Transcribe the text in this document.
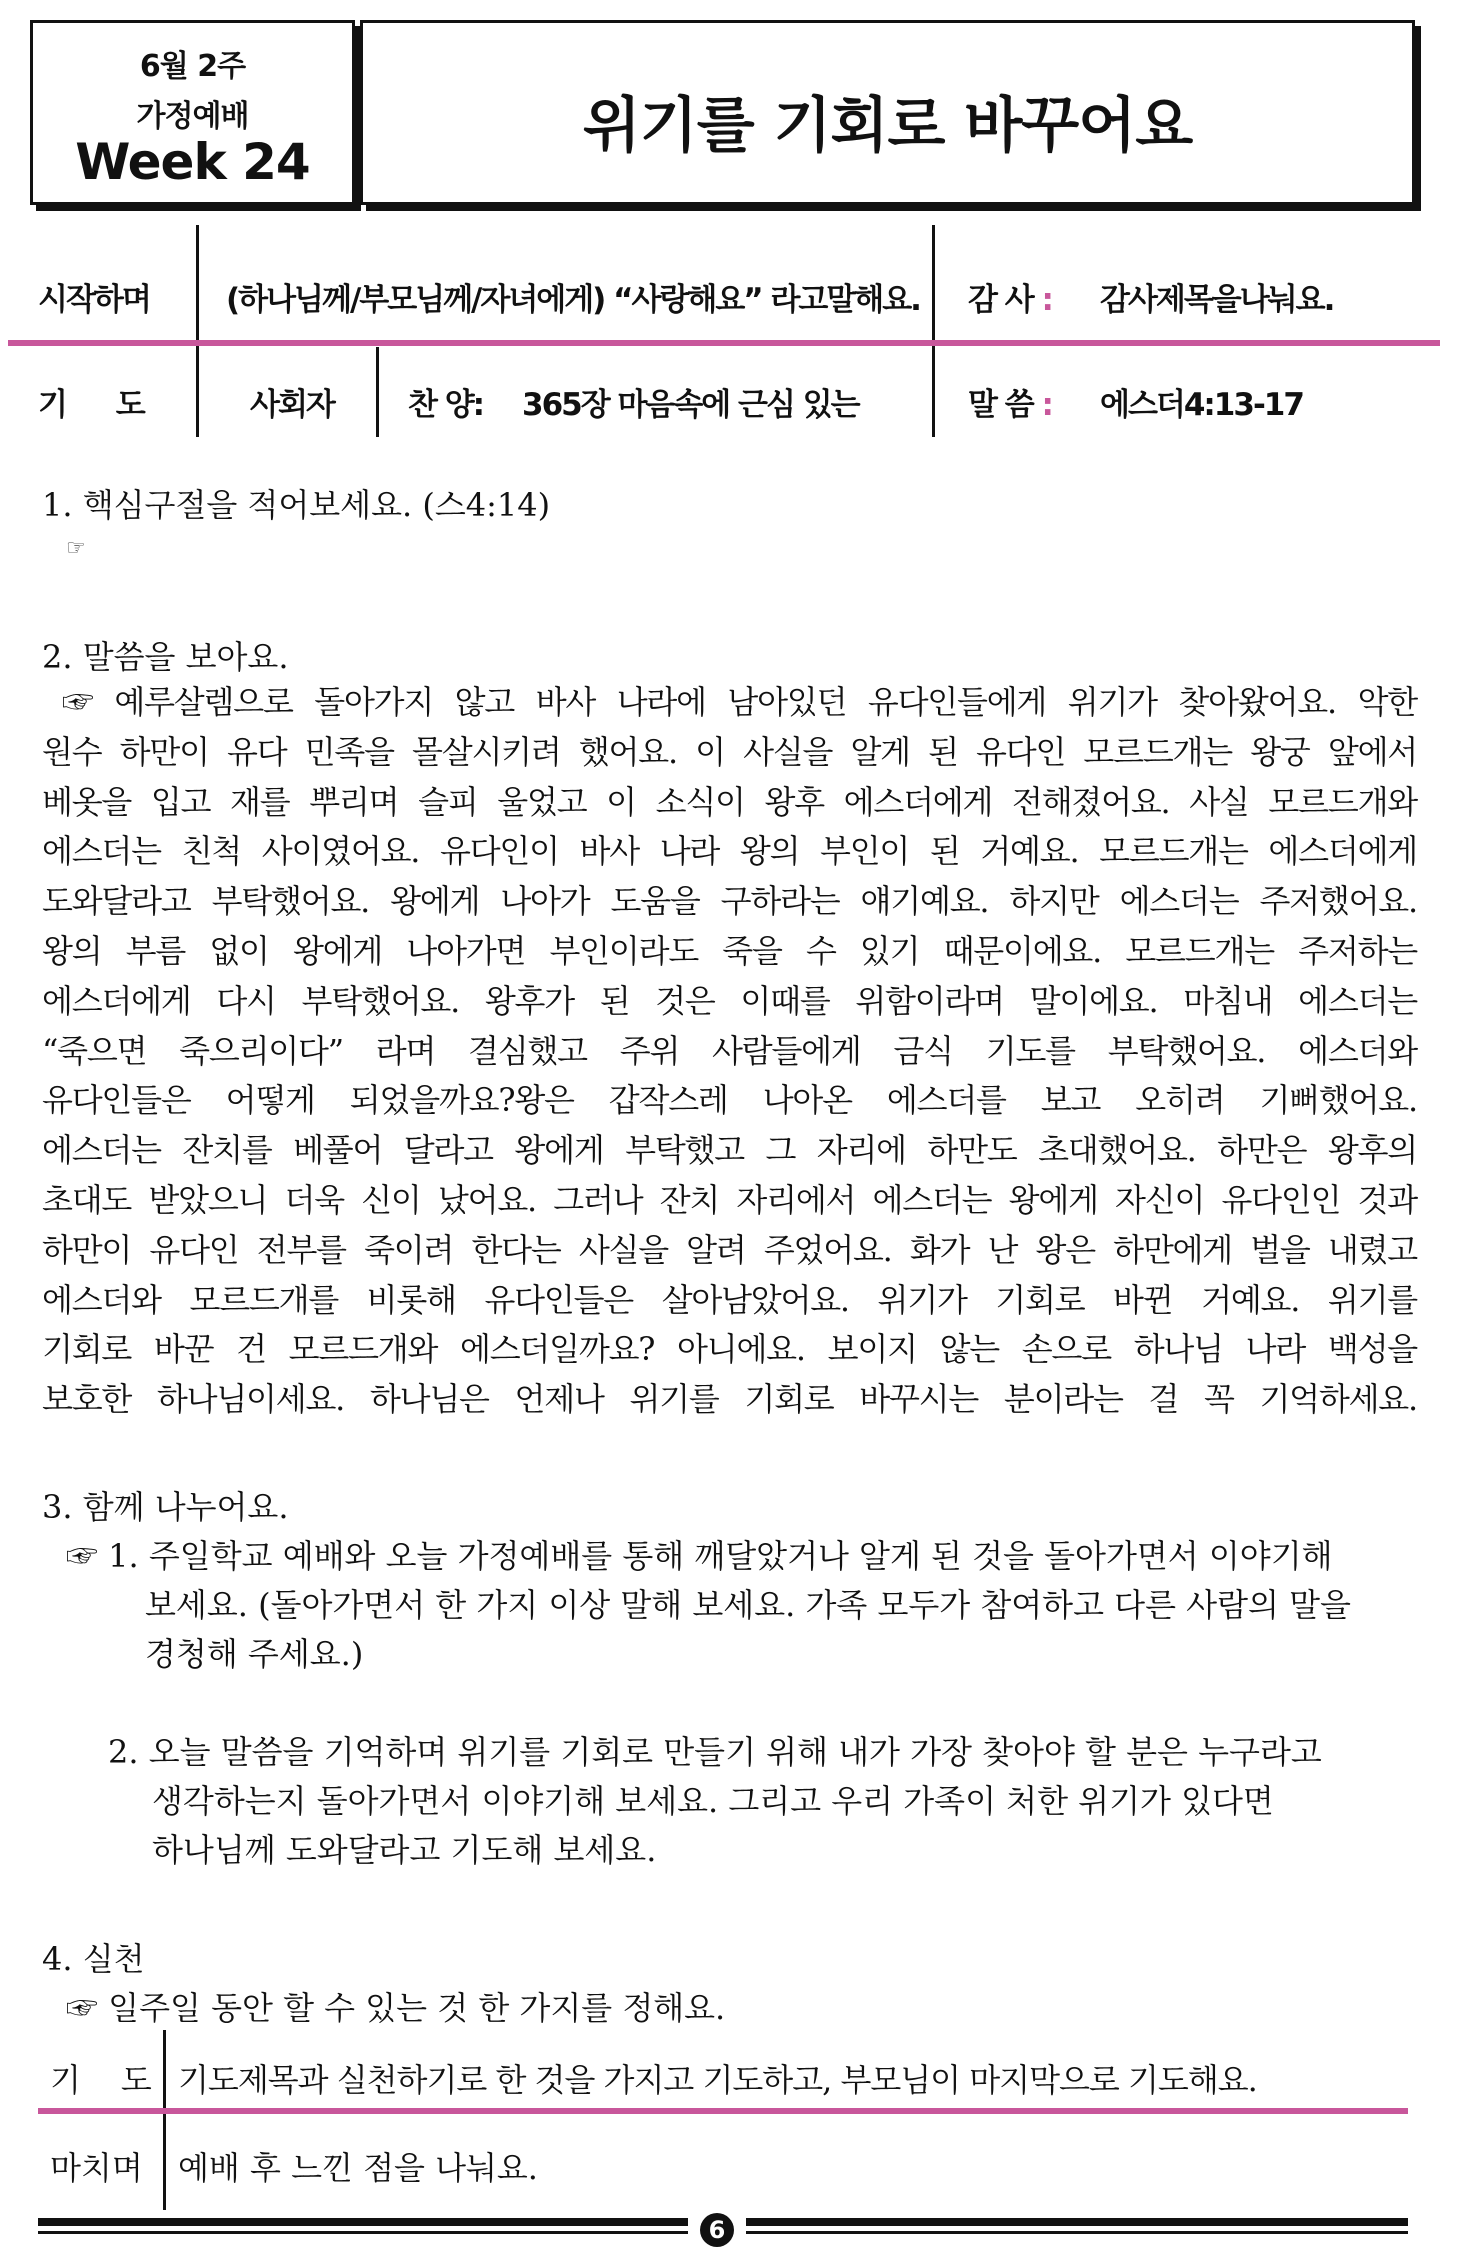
6월 2주
가정예배
Week 24
위기를 기회로 바꾸어요
시작하며 (하나님께/부모님께/자녀에게) “사랑해요” 라고말해요. 감 사 : 감사제목을나눠요.
기　 도	사회자 찬 양: 365장 마음속에 근심 있는	말 씀 : 에스더4:13-17
1. 핵심구절을 적어보세요. (스4:14)
☞
2. 말씀을 보아요.
☞ 예루살렘으로 돌아가지 않고 바사 나라에 남아있던 유다인들에게 위기가 찾아왔어요. 악한
원수 하만이 유다 민족을 몰살시키려 했어요. 이 사실을 알게 된 유다인 모르드개는 왕궁 앞에서
베옷을 입고 재를 뿌리며 슬피 울었고 이 소식이 왕후 에스더에게 전해졌어요. 사실 모르드개와
에스더는 친척 사이였어요. 유다인이 바사 나라 왕의 부인이 된 거예요. 모르드개는 에스더에게
도와달라고 부탁했어요. 왕에게 나아가 도움을 구하라는 얘기예요. 하지만 에스더는 주저했어요.
왕의 부름 없이 왕에게 나아가면 부인이라도 죽을 수 있기 때문이에요. 모르드개는 주저하는
에스더에게 다시 부탁했어요. 왕후가 된 것은 이때를 위함이라며 말이에요. 마침내 에스더는
“죽으면 죽으리이다” 라며 결심했고 주위 사람들에게 금식 기도를 부탁했어요. 에스더와
유다인들은 어떻게 되었을까요?왕은 갑작스레 나아온 에스더를 보고 오히려 기뻐했어요.
에스더는 잔치를 베풀어 달라고 왕에게 부탁했고 그 자리에 하만도 초대했어요. 하만은 왕후의
초대도 받았으니 더욱 신이 났어요. 그러나 잔치 자리에서 에스더는 왕에게 자신이 유다인인 것과
하만이 유다인 전부를 죽이려 한다는 사실을 알려 주었어요. 화가 난 왕은 하만에게 벌을 내렸고
에스더와 모르드개를 비롯해 유다인들은 살아남았어요. 위기가 기회로 바뀐 거예요. 위기를
기회로 바꾼 건 모르드개와 에스더일까요? 아니에요. 보이지 않는 손으로 하나님 나라 백성을
보호한 하나님이세요. 하나님은 언제나 위기를 기회로 바꾸시는 분이라는 걸 꼭 기억하세요.
3. 함께 나누어요.
☞ 1. 주일학교 예배와 오늘 가정예배를 통해 깨달았거나 알게 된 것을 돌아가면서 이야기해
보세요. (돌아가면서 한 가지 이상 말해 보세요. 가족 모두가 참여하고 다른 사람의 말을
경청해 주세요.)
2. 오늘 말씀을 기억하며 위기를 기회로 만들기 위해 내가 가장 찾아야 할 분은 누구라고
생각하는지 돌아가면서 이야기해 보세요. 그리고 우리 가족이 처한 위기가 있다면
하나님께 도와달라고 기도해 보세요.
4. 실천
☞ 일주일 동안 할 수 있는 것 한 가지를 정해요.
기　도 기도제목과 실천하기로 한 것을 가지고 기도하고, 부모님이 마지막으로 기도해요.
마치며 예배 후 느낀 점을 나눠요.
6
